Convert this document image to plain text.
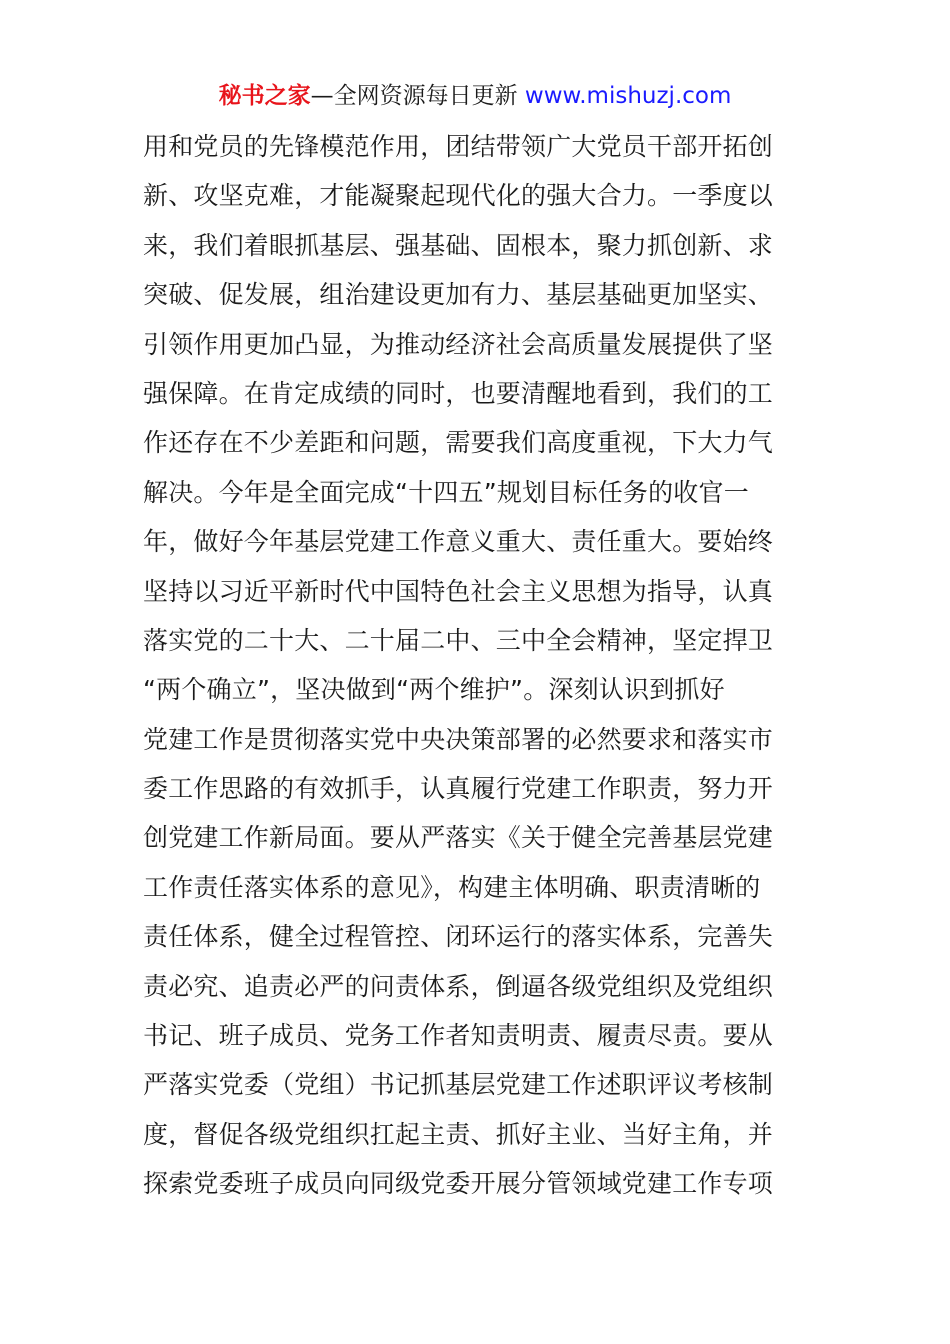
秘书之家—全网资源每日更新 www.mishuzj.com
用和党员的先锋模范作用，团结带领广大党员干部开拓创
新、攻坚克难，才能凝聚起现代化的强大合力。一季度以
来，我们着眼抓基层、强基础、固根本，聚力抓创新、求
突破、促发展，组治建设更加有力、基层基础更加坚实、
引领作用更加凸显，为推动经济社会高质量发展提供了坚
强保障。在肯定成绩的同时，也要清醒地看到，我们的工
作还存在不少差距和问题，需要我们高度重视，下大力气
解决。今年是全面完成“十四五”规划目标任务的收官一
年，做好今年基层党建工作意义重大、责任重大。要始终
坚持以习近平新时代中国特色社会主义思想为指导，认真
落实党的二十大、二十届二中、三中全会精神，坚定捍卫
“两个确立”，坚决做到“两个维护”。深刻认识到抓好
党建工作是贯彻落实党中央决策部署的必然要求和落实市
委工作思路的有效抓手，认真履行党建工作职责，努力开
创党建工作新局面。要从严落实《关于健全完善基层党建
工作责任落实体系的意见》，构建主体明确、职责清晰的
责任体系，健全过程管控、闭环运行的落实体系，完善失
责必究、追责必严的问责体系，倒逼各级党组织及党组织
书记、班子成员、党务工作者知责明责、履责尽责。要从
严落实党委（党组）书记抓基层党建工作述职评议考核制
度，督促各级党组织扛起主责、抓好主业、当好主角，并
探索党委班子成员向同级党委开展分管领域党建工作专项
